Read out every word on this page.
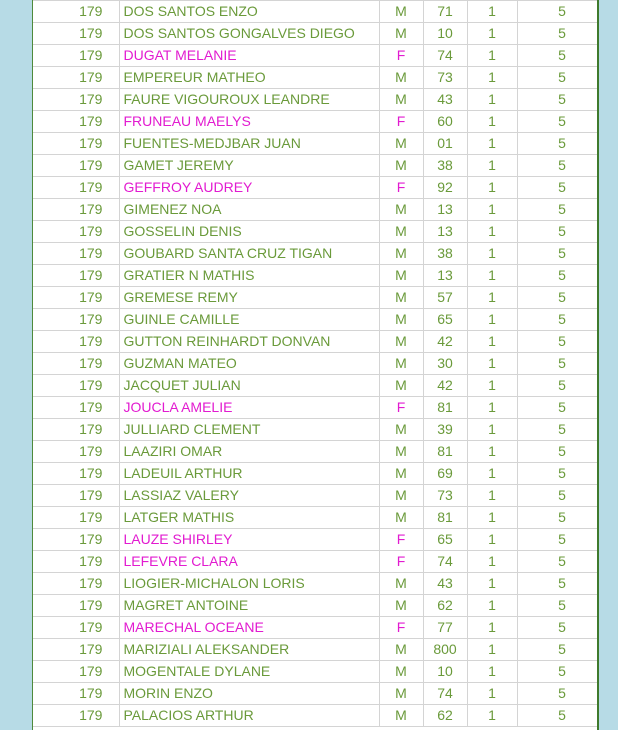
179	DOS SANTOS ENZO	M	71	1	5
179	DOS SANTOS GONGALVES DIEGO	M	10	1	5
179	DUGAT MELANIE	F	74	1	5
179	EMPEREUR MATHEO	M	73	1	5
179	FAURE VIGOUROUX LEANDRE	M	43	1	5
179	FRUNEAU MAELYS	F	60	1	5
179	FUENTES-MEDJBAR JUAN	M	01	1	5
179	GAMET JEREMY	M	38	1	5
179	GEFFROY AUDREY	F	92	1	5
179	GIMENEZ NOA	M	13	1	5
179	GOSSELIN DENIS	M	13	1	5
179	GOUBARD SANTA CRUZ TIGAN	M	38	1	5
179	GRATIER N MATHIS	M	13	1	5
179	GREMESE REMY	M	57	1	5
179	GUINLE CAMILLE	M	65	1	5
179	GUTTON REINHARDT DONVAN	M	42	1	5
179	GUZMAN MATEO	M	30	1	5
179	JACQUET JULIAN	M	42	1	5
179	JOUCLA AMELIE	F	81	1	5
179	JULLIARD CLEMENT	M	39	1	5
179	LAAZIRI OMAR	M	81	1	5
179	LADEUIL ARTHUR	M	69	1	5
179	LASSIAZ VALERY	M	73	1	5
179	LATGER MATHIS	M	81	1	5
179	LAUZE SHIRLEY	F	65	1	5
179	LEFEVRE CLARA	F	74	1	5
179	LIOGIER-MICHALON LORIS	M	43	1	5
179	MAGRET ANTOINE	M	62	1	5
179	MARECHAL OCEANE	F	77	1	5
179	MARIZIALI ALEKSANDER	M	800	1	5
179	MOGENTALE DYLANE	M	10	1	5
179	MORIN ENZO	M	74	1	5
179	PALACIOS ARTHUR	M	62	1	5
